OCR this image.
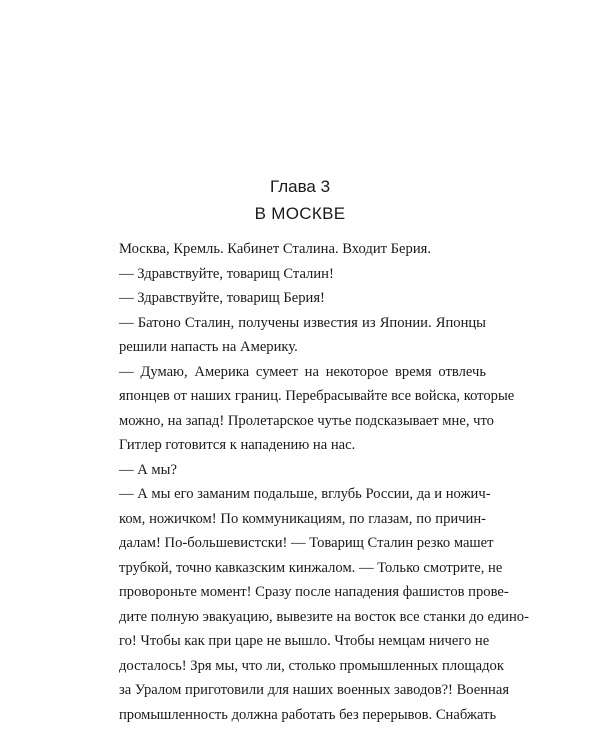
Глава 3
В МОСКВЕ
Москва, Кремль. Кабинет Сталина. Входит Берия.
— Здравствуйте, товарищ Сталин!
— Здравствуйте, товарищ Берия!
— Батоно Сталин, получены известия из Японии. Японцы
решили напасть на Америку.
— Думаю, Америка сумеет на некоторое время отвлечь
японцев от наших границ. Перебрасывайте все войска, которые
можно, на запад! Пролетарское чутье подсказывает мне, что
Гитлер готовится к нападению на нас.
— А мы?
— А мы его заманим подальше, вглубь России, да и ножич-
ком, ножичком! По коммуникациям, по глазам, по причин-
далам! По-большевистски! — Товарищ Сталин резко машет
трубкой, точно кавказским кинжалом. — Только смотрите, не
провороньте момент! Сразу после нападения фашистов прове-
дите полную эвакуацию, вывезите на восток все станки до едино-
го! Чтобы как при царе не вышло. Чтобы немцам ничего не
досталось! Зря мы, что ли, столько промышленных площадок
за Уралом приготовили для наших военных заводов?! Военная
промышленность должна работать без перерывов. Снабжать
